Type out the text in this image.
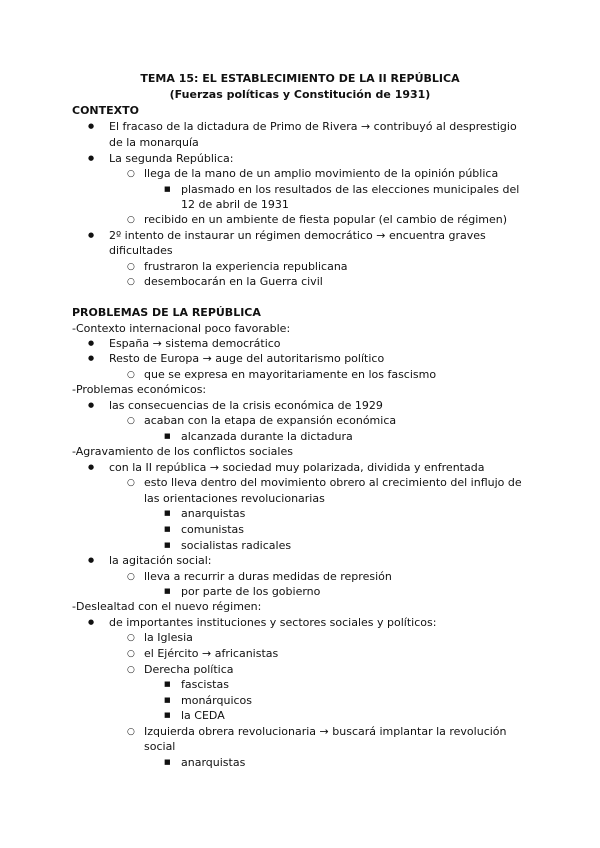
TEMA 15: EL ESTABLECIMIENTO DE LA II REPÚBLICA
(Fuerzas políticas y Constitución de 1931)
CONTEXTO
●
El fracaso de la dictadura de Primo de Rivera → contribuyó al desprestigio
de la monarquía
●
La segunda República:
○
llega de la mano de un amplio movimiento de la opinión pública
■
plasmado en los resultados de las elecciones municipales del
12 de abril de 1931
○
recibido en un ambiente de fiesta popular (el cambio de régimen)
●
2º intento de instaurar un régimen democrático → encuentra graves
dificultades
○
frustraron la experiencia republicana
○
desembocarán en la Guerra civil
PROBLEMAS DE LA REPÚBLICA
-Contexto internacional poco favorable:
●
España → sistema democrático
●
Resto de Europa → auge del autoritarismo político
○
que se expresa en mayoritariamente en los fascismo
-Problemas económicos:
●
las consecuencias de la crisis económica de 1929
○
acaban con la etapa de expansión económica
■
alcanzada durante la dictadura
-Agravamiento de los conflictos sociales
●
con la II república → sociedad muy polarizada, dividida y enfrentada
○
esto lleva dentro del movimiento obrero al crecimiento del influjo de
las orientaciones revolucionarias
■
anarquistas
■
comunistas
■
socialistas radicales
●
la agitación social:
○
lleva a recurrir a duras medidas de represión
■
por parte de los gobierno
-Deslealtad con el nuevo régimen:
●
de importantes instituciones y sectores sociales y políticos:
○
la Iglesia
○
el Ejército → africanistas
○
Derecha política
■
fascistas
■
monárquicos
■
la CEDA
○
Izquierda obrera revolucionaria → buscará implantar la revolución
social
■
anarquistas
